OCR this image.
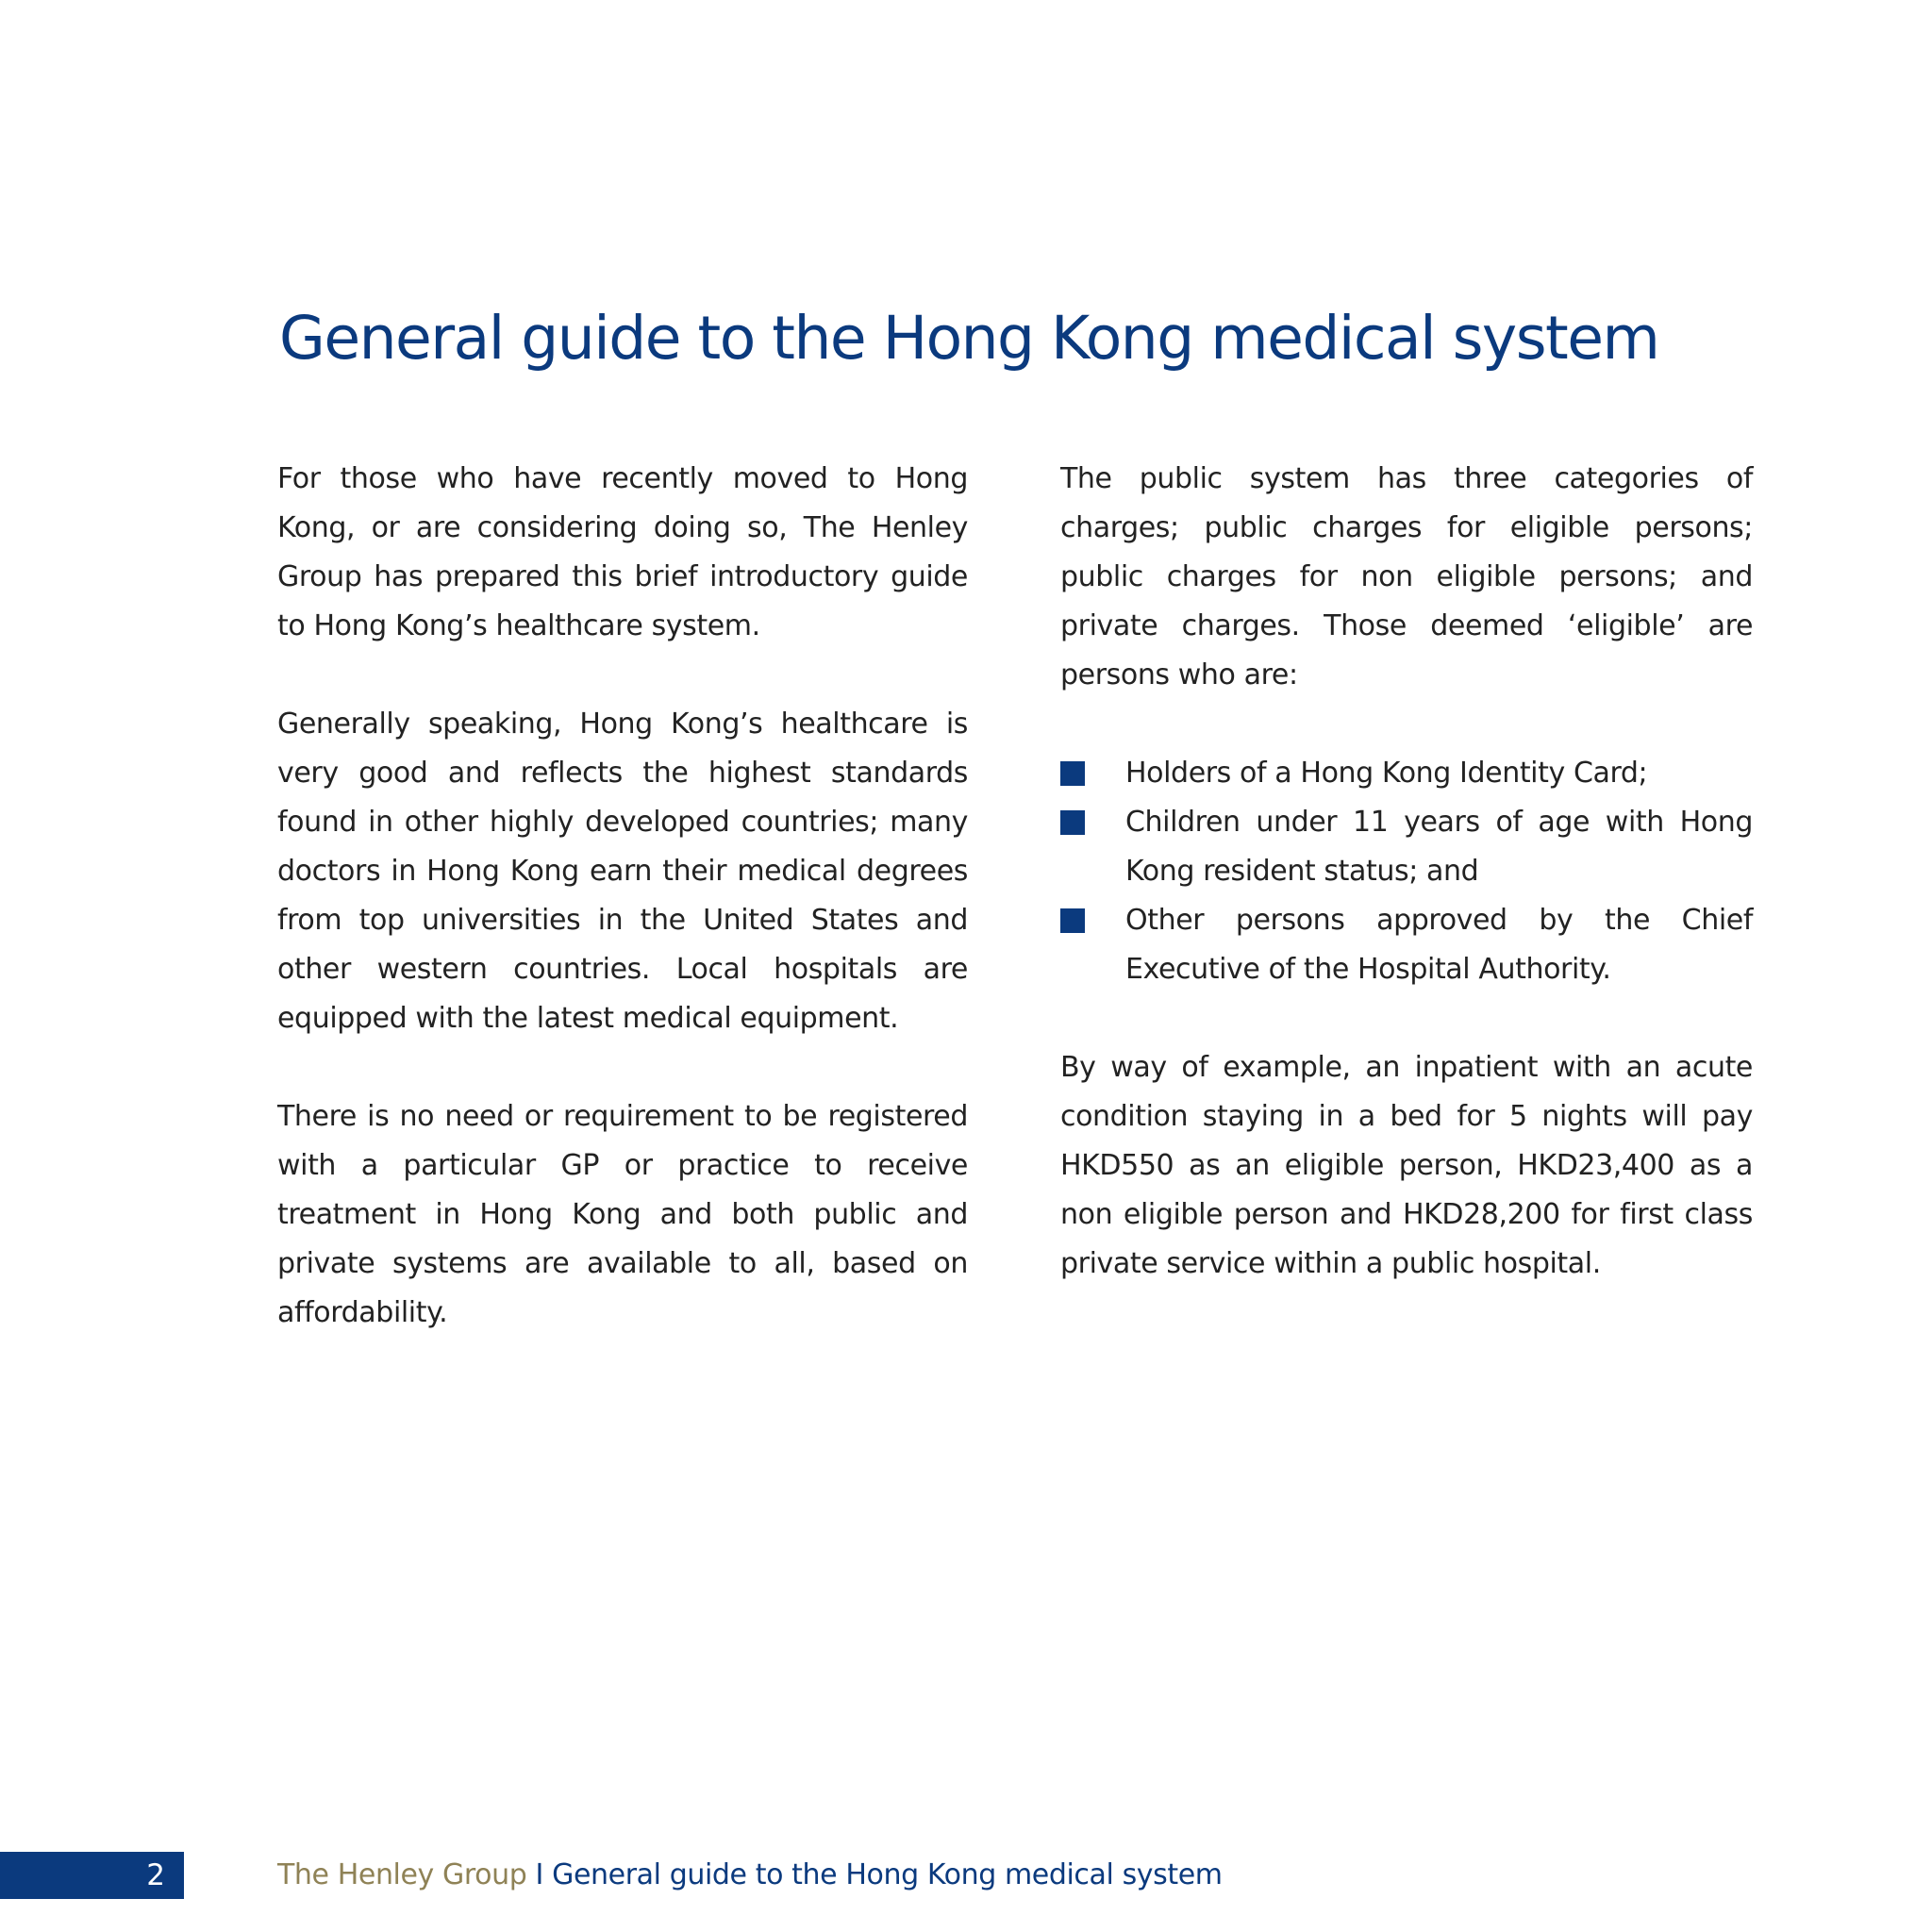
General guide to the Hong Kong medical system

For those who have recently moved to Hong Kong, or are considering doing so, The Henley Group has prepared this brief introductory guide to Hong Kong’s healthcare system.

Generally speaking, Hong Kong’s healthcare is very good and reflects the highest standards found in other highly developed countries; many doctors in Hong Kong earn their medical degrees from top universities in the United States and other western countries. Local hospitals are equipped with the latest medical equipment.

There is no need or requirement to be registered with a particular GP or practice to receive treatment in Hong Kong and both public and private systems are available to all, based on affordability.

The public system has three categories of charges; public charges for eligible persons; public charges for non eligible persons; and private charges. Those deemed ‘eligible’ are persons who are:

Holders of a Hong Kong Identity Card;
Children under 11 years of age with Hong Kong resident status; and
Other persons approved by the Chief Executive of the Hospital Authority.

By way of example, an inpatient with an acute condition staying in a bed for 5 nights will pay HKD550 as an eligible person, HKD23,400 as a non eligible person and HKD28,200 for first class private service within a public hospital.

2	The Henley Group I General guide to the Hong Kong medical system
